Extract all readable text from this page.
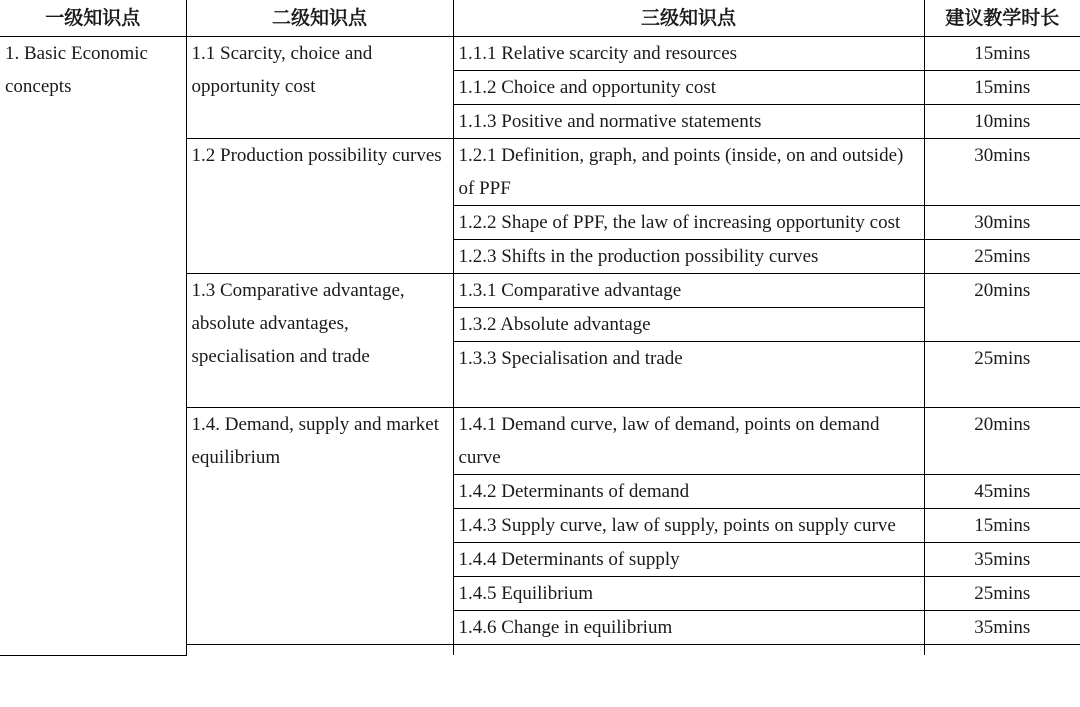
一级知识点	二级知识点	三级知识点	建议教学时长
1. Basic Economic concepts	1.1 Scarcity, choice and opportunity cost	1.1.1 Relative scarcity and resources	15mins
		1.1.2 Choice and opportunity cost	15mins
		1.1.3 Positive and normative statements	10mins
	1.2 Production possibility curves	1.2.1 Definition, graph, and points (inside, on and outside) of PPF	30mins
		1.2.2 Shape of PPF, the law of increasing opportunity cost	30mins
		1.2.3 Shifts in the production possibility curves	25mins
	1.3 Comparative advantage, absolute advantages, specialisation and trade	1.3.1 Comparative advantage	20mins
		1.3.2 Absolute advantage	
		1.3.3 Specialisation and trade	25mins
	1.4. Demand, supply and market equilibrium	1.4.1 Demand curve, law of demand, points on demand curve	20mins
		1.4.2 Determinants of demand	45mins
		1.4.3 Supply curve, law of supply, points on supply curve	15mins
		1.4.4 Determinants of supply	35mins
		1.4.5 Equilibrium	25mins
		1.4.6 Change in equilibrium	35mins
